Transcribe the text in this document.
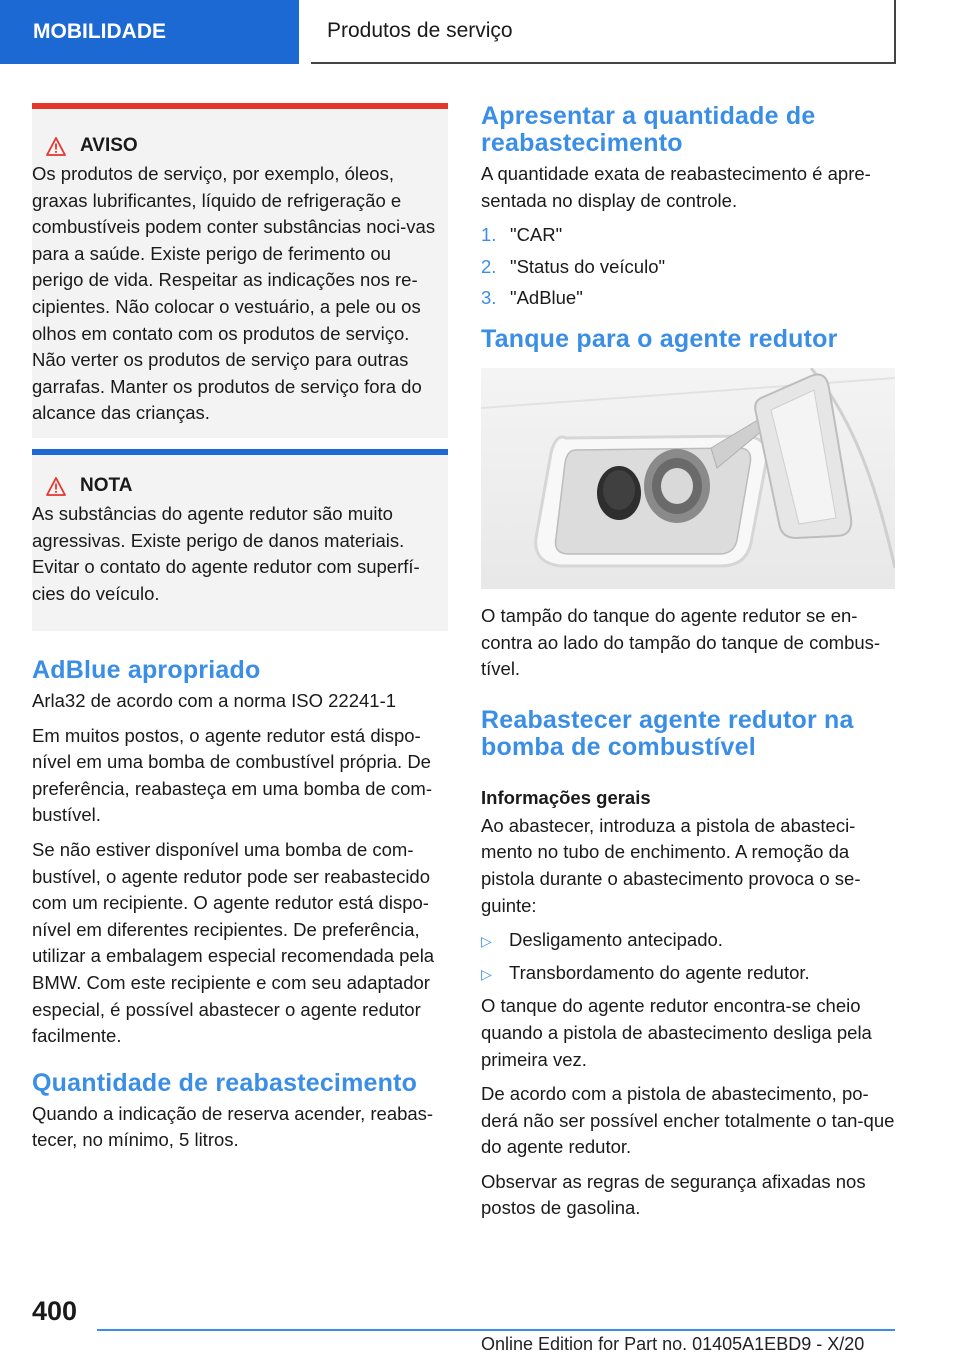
MOBILIDADE	Produtos de serviço
AVISO

Os produtos de serviço, por exemplo, óleos, graxas lubrificantes, líquido de refrigeração e combustíveis podem conter substâncias noci-vas para a saúde. Existe perigo de ferimento ou perigo de vida. Respeitar as indicações nos re-cipientes. Não colocar o vestuário, a pele ou os olhos em contato com os produtos de serviço. Não verter os produtos de serviço para outras garrafas. Manter os produtos de serviço fora do alcance das crianças.

NOTA

As substâncias do agente redutor são muito agressivas. Existe perigo de danos materiais. Evitar o contato do agente redutor com superfí-cies do veículo.

AdBlue apropriado

Arla32 de acordo com a norma ISO 22241-1

Em muitos postos, o agente redutor está dispo-nível em uma bomba de combustível própria. De preferência, reabasteça em uma bomba de com-bustível.

Se não estiver disponível uma bomba de com-bustível, o agente redutor pode ser reabastecido com um recipiente. O agente redutor está dispo-nível em diferentes recipientes. De preferência, utilizar a embalagem especial recomendada pela BMW. Com este recipiente e com seu adaptador especial, é possível abastecer o agente redutor facilmente.

Quantidade de reabastecimento

Quando a indicação de reserva acender, reabas-tecer, no mínimo, 5 litros.

Apresentar a quantidade de reabastecimento

A quantidade exata de reabastecimento é apre-sentada no display de controle.

1. "CAR"
2. "Status do veículo"
3. "AdBlue"
Tanque para o agente redutor

O tampão do tanque do agente redutor se en-contra ao lado do tampão do tanque de combus-tível.

Reabastecer agente redutor na bomba de combustível

Informações gerais

Ao abastecer, introduza a pistola de abasteci-mento no tubo de enchimento. A remoção da pistola durante o abastecimento provoca o se-guinte:

▷ Desligamento antecipado.
▷ Transbordamento do agente redutor.

O tanque do agente redutor encontra-se cheio quando a pistola de abastecimento desliga pela primeira vez.

De acordo com a pistola de abastecimento, po-derá não ser possível encher totalmente o tan-que do agente redutor.

Observar as regras de segurança afixadas nos postos de gasolina.

400
Online Edition for Part no. 01405A1EBD9 - X/20
